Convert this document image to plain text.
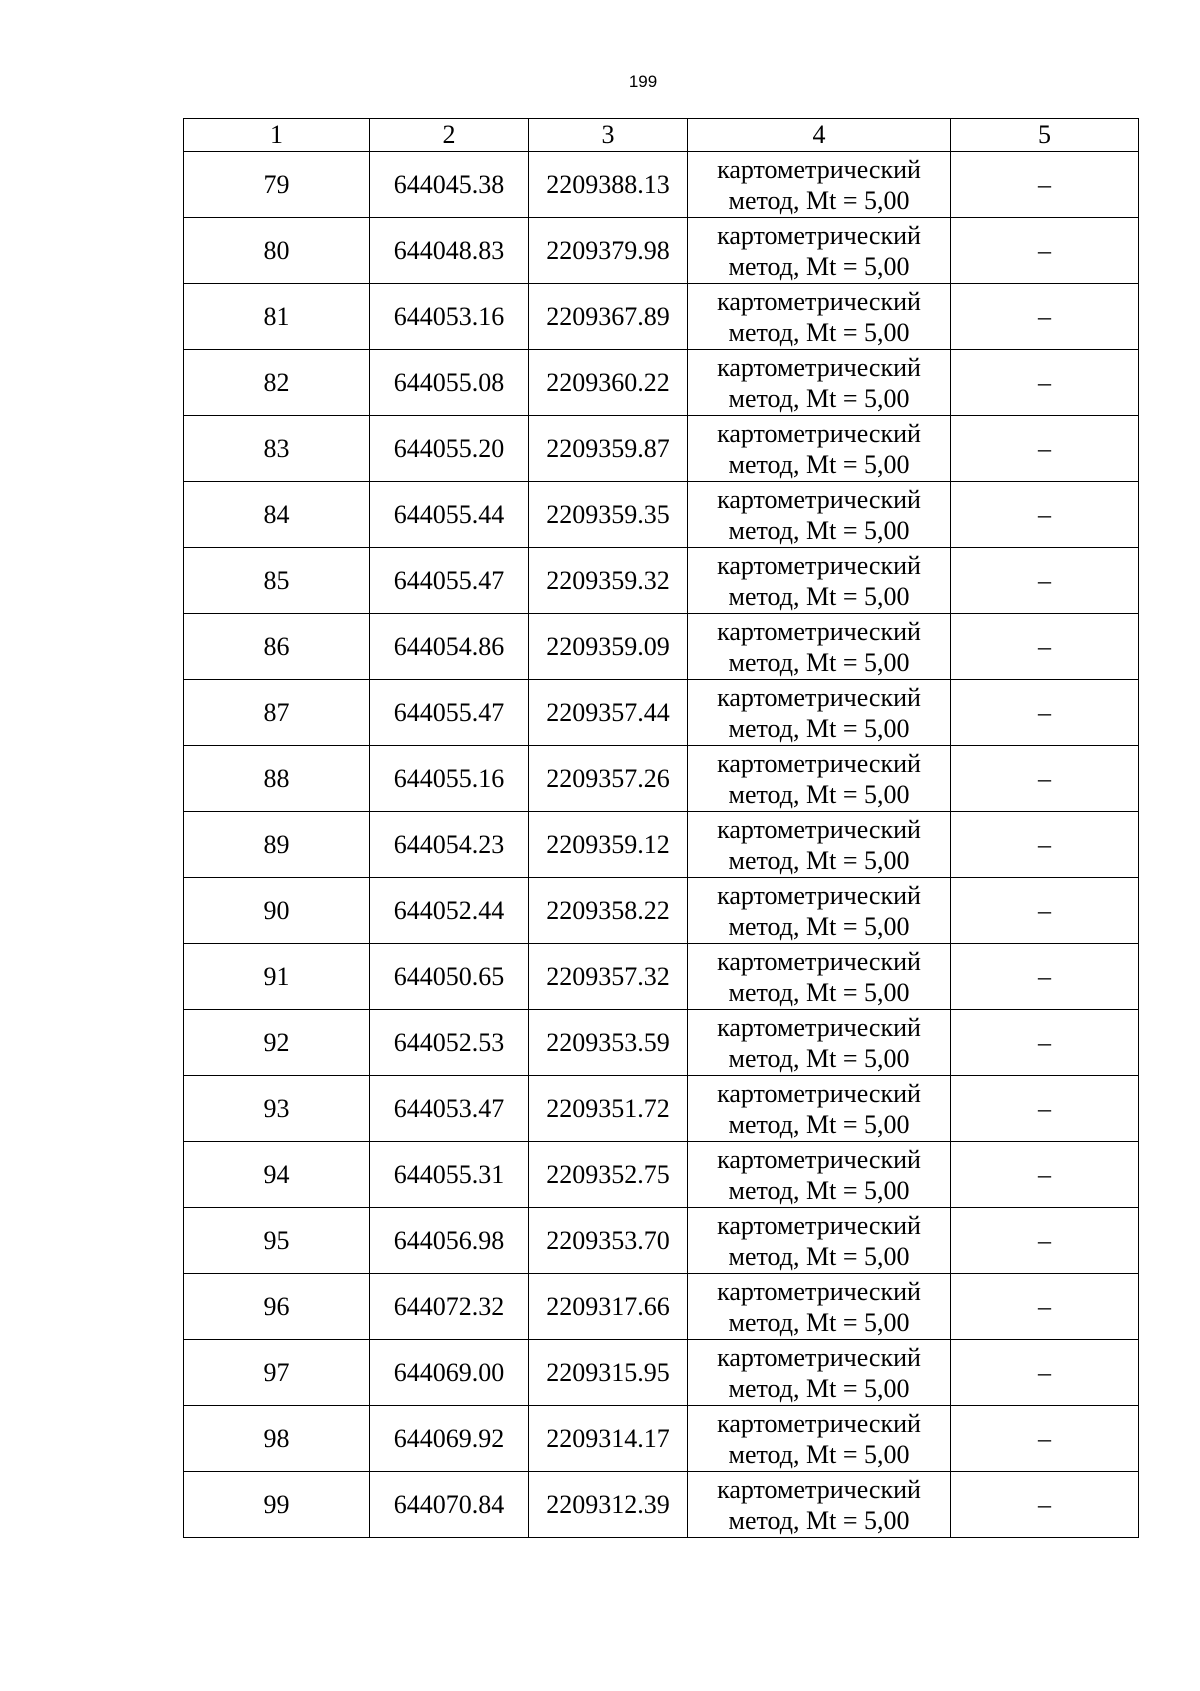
199
1	2	3	4	5
79	644045.38	2209388.13	картометрический
метод, Mt = 5,00	–
80	644048.83	2209379.98	картометрический
метод, Mt = 5,00	–
81	644053.16	2209367.89	картометрический
метод, Mt = 5,00	–
82	644055.08	2209360.22	картометрический
метод, Mt = 5,00	–
83	644055.20	2209359.87	картометрический
метод, Mt = 5,00	–
84	644055.44	2209359.35	картометрический
метод, Mt = 5,00	–
85	644055.47	2209359.32	картометрический
метод, Mt = 5,00	–
86	644054.86	2209359.09	картометрический
метод, Mt = 5,00	–
87	644055.47	2209357.44	картометрический
метод, Mt = 5,00	–
88	644055.16	2209357.26	картометрический
метод, Mt = 5,00	–
89	644054.23	2209359.12	картометрический
метод, Mt = 5,00	–
90	644052.44	2209358.22	картометрический
метод, Mt = 5,00	–
91	644050.65	2209357.32	картометрический
метод, Mt = 5,00	–
92	644052.53	2209353.59	картометрический
метод, Mt = 5,00	–
93	644053.47	2209351.72	картометрический
метод, Mt = 5,00	–
94	644055.31	2209352.75	картометрический
метод, Mt = 5,00	–
95	644056.98	2209353.70	картометрический
метод, Mt = 5,00	–
96	644072.32	2209317.66	картометрический
метод, Mt = 5,00	–
97	644069.00	2209315.95	картометрический
метод, Mt = 5,00	–
98	644069.92	2209314.17	картометрический
метод, Mt = 5,00	–
99	644070.84	2209312.39	картометрический
метод, Mt = 5,00	–
